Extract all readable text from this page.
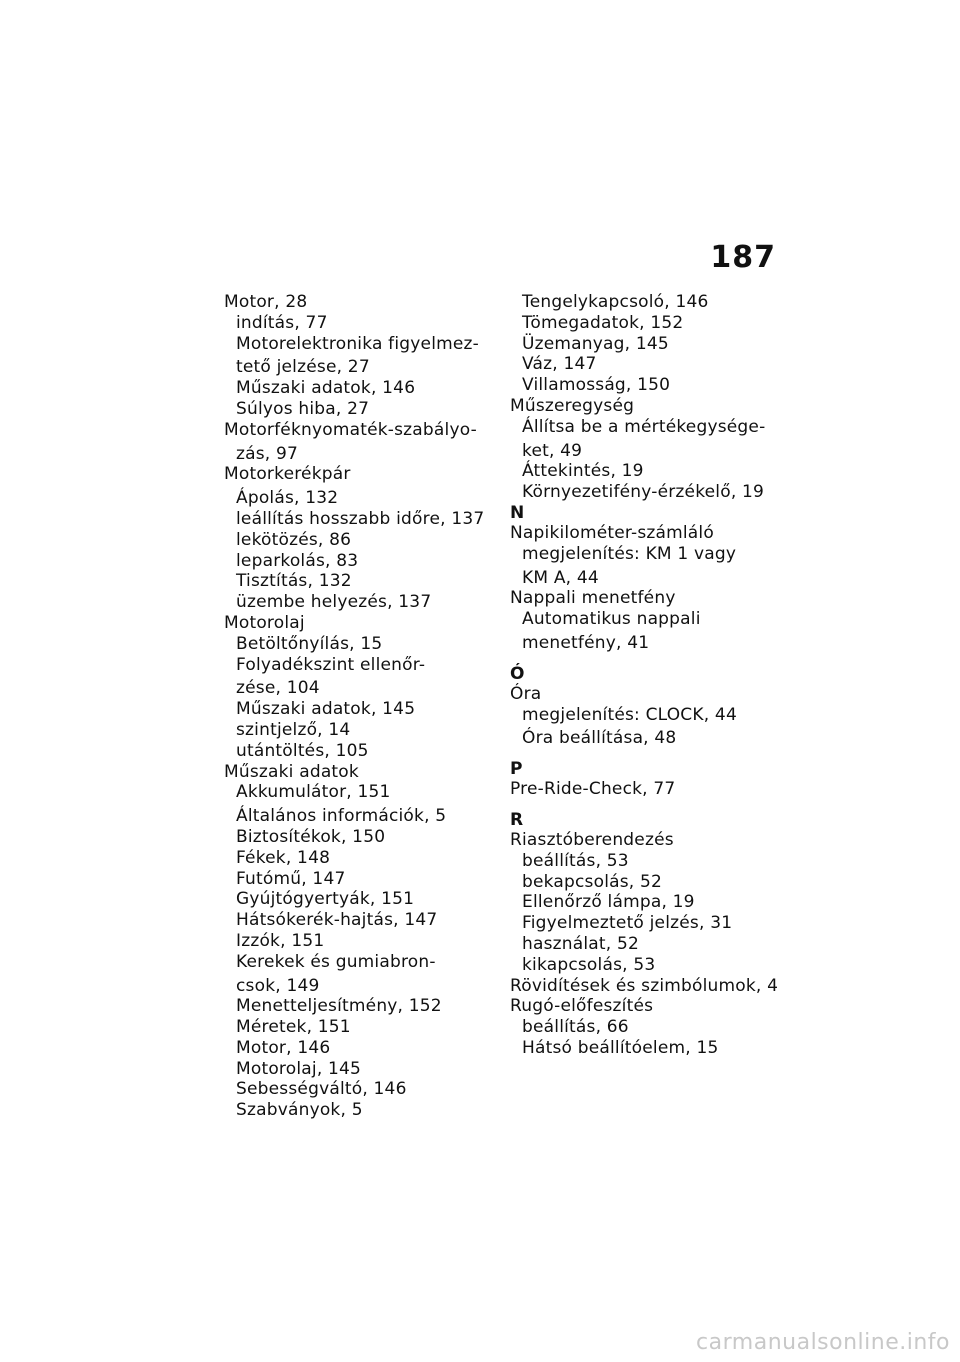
187
Motor, 28
indítás, 77
Motorelektronika figyelmez-
tető jelzése, 27
Műszaki adatok, 146
Súlyos hiba, 27
Motorféknyomaték-szabályo-
zás, 97
Motorkerékpár
Ápolás, 132
leállítás hosszabb időre, 137
lekötözés, 86
leparkolás, 83
Tisztítás, 132
üzembe helyezés, 137
Motorolaj
Betöltőnyílás, 15
Folyadékszint ellenőr-
zése, 104
Műszaki adatok, 145
szintjelző, 14
utántöltés, 105
Műszaki adatok
Akkumulátor, 151
Általános információk, 5
Biztosítékok, 150
Fékek, 148
Futómű, 147
Gyújtógyertyák, 151
Hátsókerék-hajtás, 147
Izzók, 151
Kerekek és gumiabron-
csok, 149
Menetteljesítmény, 152
Méretek, 151
Motor, 146
Motorolaj, 145
Sebességváltó, 146
Szabványok, 5
Tengelykapcsoló, 146
Tömegadatok, 152
Üzemanyag, 145
Váz, 147
Villamosság, 150
Műszeregység
Állítsa be a mértékegysége-
ket, 49
Áttekintés, 19
Környezetifény-érzékelő, 19
N
Napikilométer-számláló
megjelenítés: KM 1 vagy
KM A, 44
Nappali menetfény
Automatikus nappali
menetfény, 41
Ó
Óra
megjelenítés: CLOCK, 44
Óra beállítása, 48
P
Pre-Ride-Check, 77
R
Riasztóberendezés
beállítás, 53
bekapcsolás, 52
Ellenőrző lámpa, 19
Figyelmeztető jelzés, 31
használat, 52
kikapcsolás, 53
Rövidítések és szimbólumok, 4
Rugó-előfeszítés
beállítás, 66
Hátsó beállítóelem, 15
carmanualsonline.info
